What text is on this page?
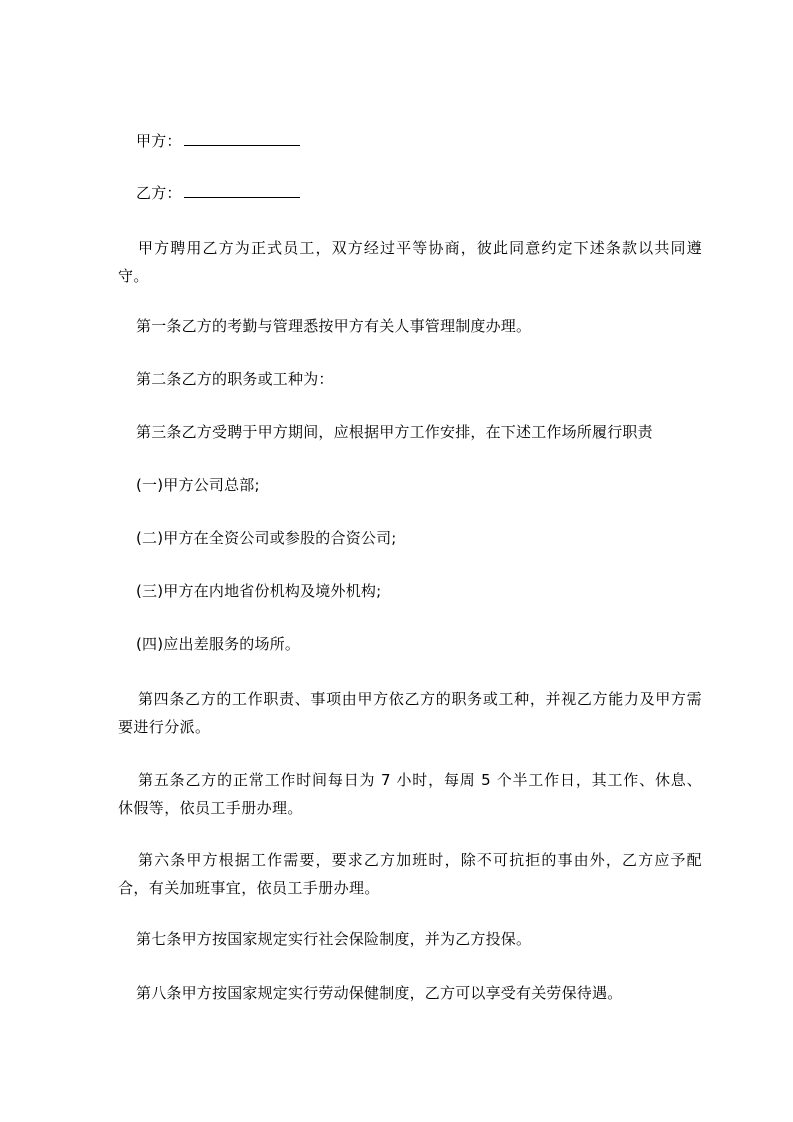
甲方：
乙方：
甲方聘用乙方为正式员工，双方经过平等协商，彼此同意约定下述条款以共同遵守。
第一条乙方的考勤与管理悉按甲方有关人事管理制度办理。
第二条乙方的职务或工种为：
第三条乙方受聘于甲方期间，应根据甲方工作安排，在下述工作场所履行职责
(一)甲方公司总部;
(二)甲方在全资公司或参股的合资公司;
(三)甲方在内地省份机构及境外机构;
(四)应出差服务的场所。
第四条乙方的工作职责、事项由甲方依乙方的职务或工种，并视乙方能力及甲方需要进行分派。
第五条乙方的正常工作时间每日为 7 小时，每周 5 个半工作日，其工作、休息、休假等，依员工手册办理。
第六条甲方根据工作需要，要求乙方加班时，除不可抗拒的事由外，乙方应予配合，有关加班事宜，依员工手册办理。
第七条甲方按国家规定实行社会保险制度，并为乙方投保。
第八条甲方按国家规定实行劳动保健制度，乙方可以享受有关劳保待遇。
